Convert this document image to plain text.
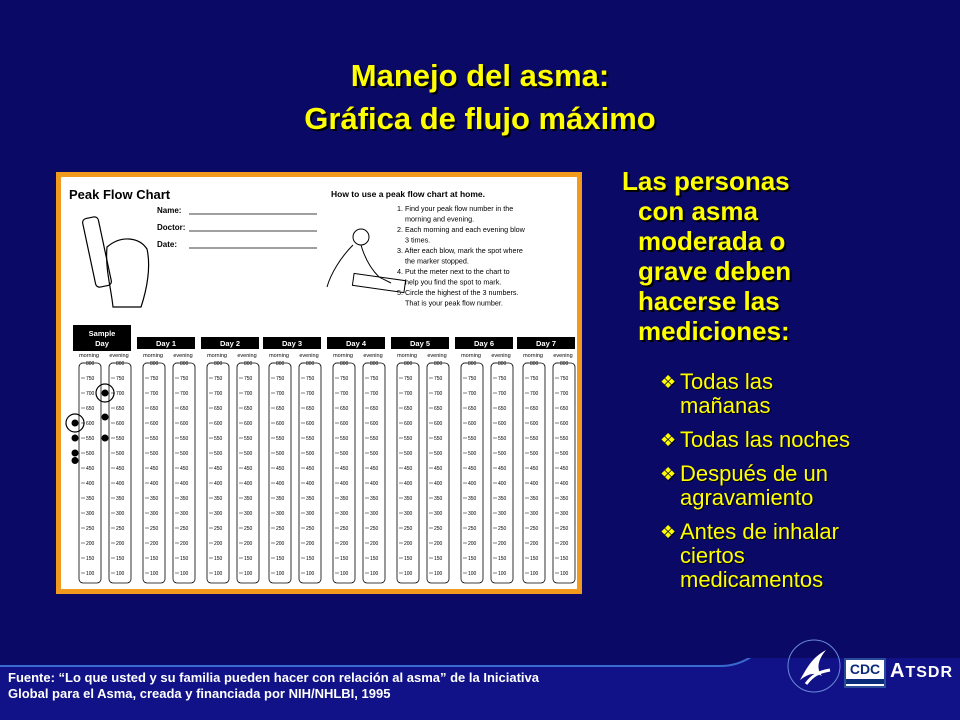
Manejo del asma:
Gráfica de flujo máximo
Peak Flow Chart
Name:
Doctor:
Date:
How to use a peak flow chart at home.
1. Find your peak flow number in the
morning and evening.
2. Each morning and each evening blow
3 times.
3. After each blow, mark the spot where
the marker stopped.
4. Put the meter next to the chart to
help you find the spot to mark.
5. Circle the highest of the 3 numbers.
That is your peak flow number.
Sample
Day
morning
800
750
700
650
600
550
500
450
400
350
300
250
200
150
100
evening
800
750
700
650
600
550
500
450
400
350
300
250
200
150
100
Day 1
morning
800
750
700
650
600
550
500
450
400
350
300
250
200
150
100
evening
800
750
700
650
600
550
500
450
400
350
300
250
200
150
100
Day 2
morning
800
750
700
650
600
550
500
450
400
350
300
250
200
150
100
evening
800
750
700
650
600
550
500
450
400
350
300
250
200
150
100
Day 3
morning
800
750
700
650
600
550
500
450
400
350
300
250
200
150
100
evening
800
750
700
650
600
550
500
450
400
350
300
250
200
150
100
Day 4
morning
800
750
700
650
600
550
500
450
400
350
300
250
200
150
100
evening
800
750
700
650
600
550
500
450
400
350
300
250
200
150
100
Day 5
morning
800
750
700
650
600
550
500
450
400
350
300
250
200
150
100
evening
800
750
700
650
600
550
500
450
400
350
300
250
200
150
100
Day 6
morning
800
750
700
650
600
550
500
450
400
350
300
250
200
150
100
evening
800
750
700
650
600
550
500
450
400
350
300
250
200
150
100
Day 7
morning
800
750
700
650
600
550
500
450
400
350
300
250
200
150
100
evening
800
750
700
650
600
550
500
450
400
350
300
250
200
150
100
Las personas
con asma
moderada o
grave deben
hacerse las
mediciones:
❖ Todas las
mañanas
❖ Todas las noches
❖ Después de un
agravamiento
❖ Antes de inhalar
ciertos
medicamentos
Fuente: “Lo que usted y su familia pueden hacer con relación al asma” de la Iniciativa
Global para el Asma, creada y financiada por NIH/NHLBI, 1995
CDC ATSDR
